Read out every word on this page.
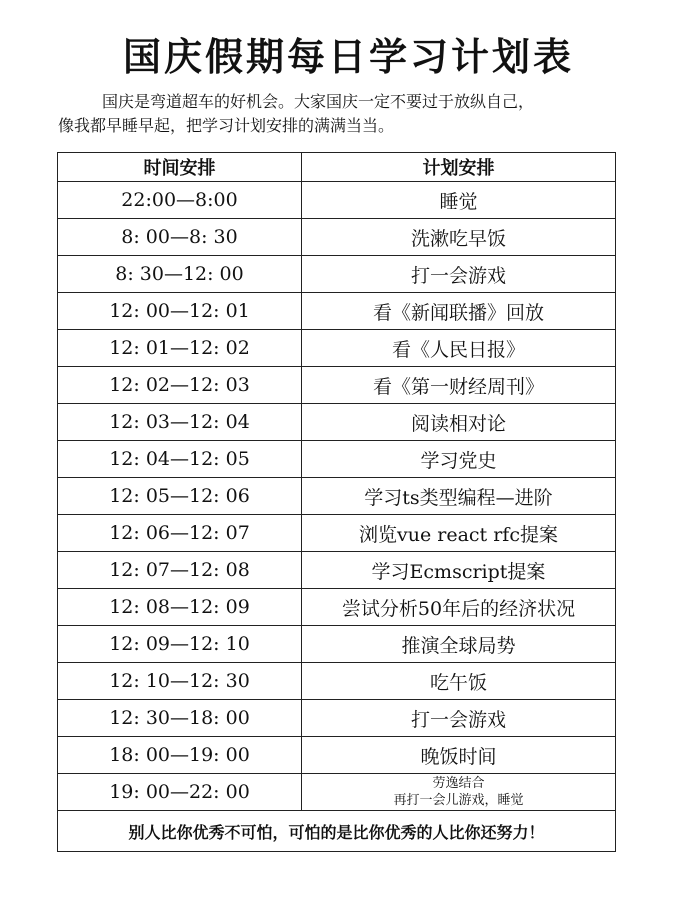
国庆假期每日学习计划表
国庆是弯道超车的好机会。大家国庆一定不要过于放纵自己，
像我都早睡早起，把学习计划安排的满满当当。
时间安排	计划安排
22:00—8:00	睡觉
8: 00—8: 30	洗漱吃早饭
8: 30—12: 00	打一会游戏
12: 00—12: 01	看《新闻联播》回放
12: 01—12: 02	看《人民日报》
12: 02—12: 03	看《第一财经周刊》
12: 03—12: 04	阅读相对论
12: 04—12: 05	学习党史
12: 05—12: 06	学习ts类型编程—进阶
12: 06—12: 07	浏览vue react rfc提案
12: 07—12: 08	学习Ecmscript提案
12: 08—12: 09	尝试分析50年后的经济状况
12: 09—12: 10	推演全球局势
12: 10—12: 30	吃午饭
12: 30—18: 00	打一会游戏
18: 00—19: 00	晚饭时间
19: 00—22: 00	劳逸结合
再打一会儿游戏，睡觉

别人比你优秀不可怕，可怕的是比你优秀的人比你还努力！	
